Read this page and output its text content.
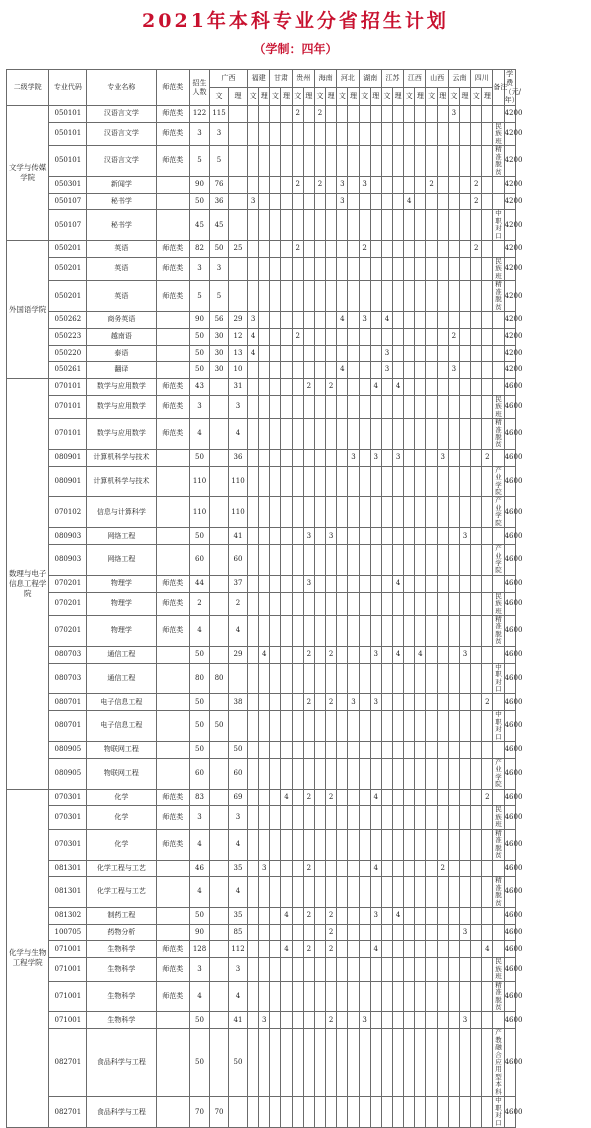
2021年本科专业分省招生计划
（学制：四年）
二级学院	专业代码	专业名称	师范类	招生人数	广西		福建		甘肃		贵州		海南		河北		湖南		江苏		江西		山西		云南		四川		备注	学费（元/年）
					文	理	文	理	文	理	文	理	文	理	文	理	文	理	文	理	文	理	文	理	文	理	文	理		
文学与传媒学院	050101	汉语言文学	师范类	122	115						2		2												3					4200
	050101	汉语言文学	师范类	3	3																								民族班	4200
	050101	汉语言文学	师范类	5	5																								精准脱贫	4200
	050301	新闻学		90	76						2		2		3		3						2				2			4200
	050107	秘书学		50	36		3								3						4						2			4200
	050107	秘书学		45	45																								中职对口	4200
外国语学院	050201	英语	师范类	82	50	25					2						2										2			4200
	050201	英语	师范类	3	3																								民族班	4200
	050201	英语	师范类	5	5																								精准脱贫	4200
	050262	商务英语		90	56	29	3								4		3		4											4200
	050223	越南语		50	30	12	4				2														2					4200
	050220	泰语		50	30	13	4												3											4200
	050261	翻译		50	30	10									4				3						3					4200
数理与电子信息工程学院	070101	数学与应用数学	师范类	43		31						2		2				4		4										4600
	070101	数学与应用数学	师范类	3		3																							民族班	4600
	070101	数学与应用数学	师范类	4		4																							精准脱贫	4600
	080901	计算机科学与技术		50		36										3		3		3				3				2		4600
	080901	计算机科学与技术		110		110																							产业学院	4600
	070102	信息与计算科学		110		110																							产业学院	4600
	080903	网络工程		50		41						3		3												3				4600
	080903	网络工程		60		60																							产业学院	4600
	070201	物理学	师范类	44		37						3								4										4600
	070201	物理学	师范类	2		2																							民族班	4600
	070201	物理学	师范类	4		4																							精准脱贫	4600
	080703	通信工程		50		29		4				2		2				3		4		4				3				4600
	080703	通信工程		80	80																								中职对口	4600
	080701	电子信息工程		50		38						2		2		3		3										2		4600
	080701	电子信息工程		50	50																								中职对口	4600
	080905	物联网工程		50		50																								4600
	080905	物联网工程		60		60																							产业学院	4600
化学与生物工程学院	070301	化学	师范类	83		69				4		2		2				4										2		4600
	070301	化学	师范类	3		3																							民族班	4600
	070301	化学	师范类	4		4																							精准脱贫	4600
	081301	化学工程与工艺		46		35		3				2						4						2						4600
	081301	化学工程与工艺		4		4																							精准脱贫	4600
	081302	制药工程		50		35				4		2		2				3		4										4600
	100705	药物分析		90		85								2												3				4600
	071001	生物科学	师范类	128		112				4		2		2				4										4		4600
	071001	生物科学	师范类	3		3																							民族班	4600
	071001	生物科学	师范类	4		4																							精准脱贫	4600
	071001	生物科学		50		41		3						2			3									3				4600
	082701	食品科学与工程		50		50																							产教融合应用型本科	4600
	082701	食品科学与工程		70	70																								中职对口	4600
